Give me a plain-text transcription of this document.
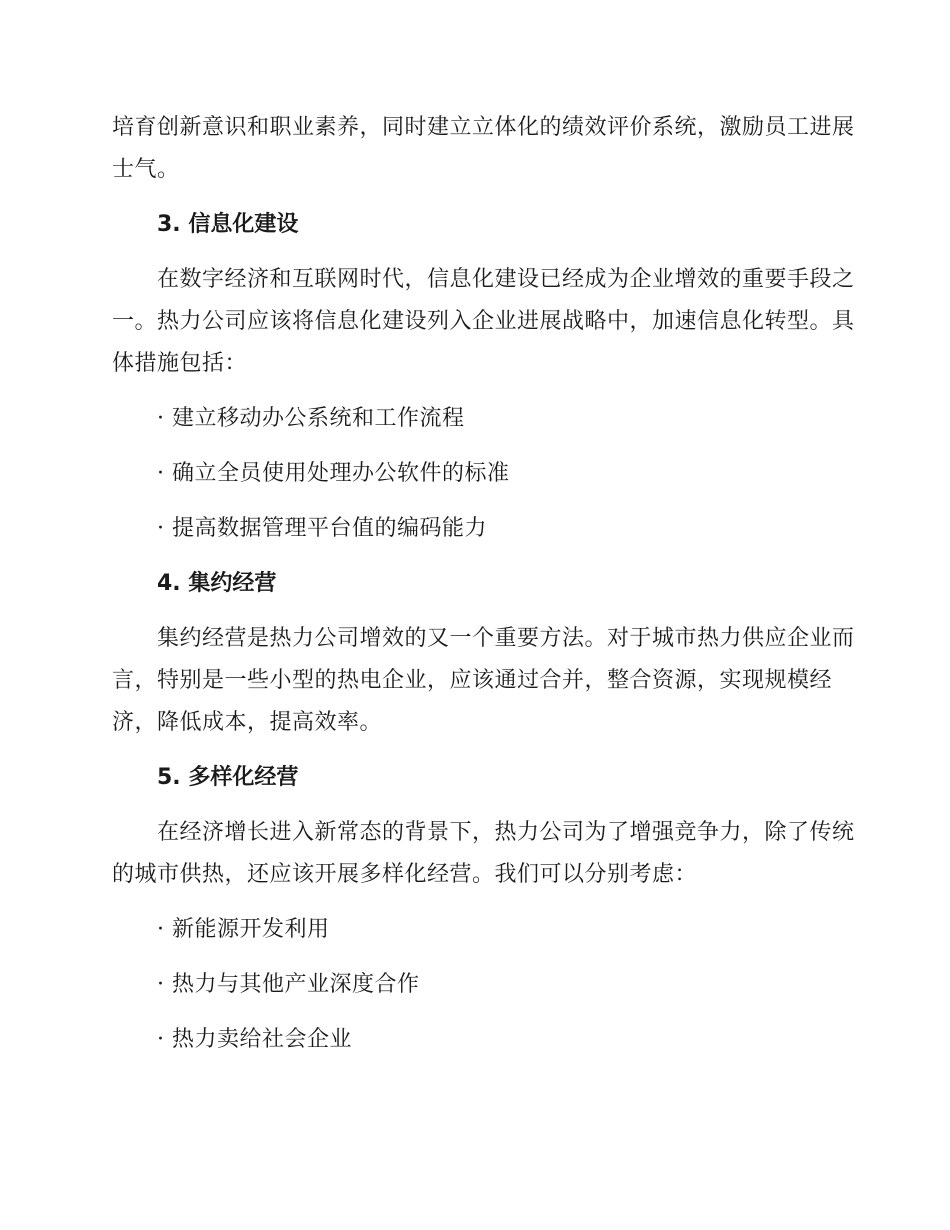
培育创新意识和职业素养，同时建立立体化的绩效评价系统，激励员工进展
士气。
3. 信息化建设
在数字经济和互联网时代，信息化建设已经成为企业增效的重要手段之
一。热力公司应该将信息化建设列入企业进展战略中，加速信息化转型。具
体措施包括：
· 建立移动办公系统和工作流程
· 确立全员使用处理办公软件的标准
· 提高数据管理平台值的编码能力
4. 集约经营
集约经营是热力公司增效的又一个重要方法。对于城市热力供应企业而
言，特别是一些小型的热电企业，应该通过合并，整合资源，实现规模经
济，降低成本，提高效率。
5. 多样化经营
在经济增长进入新常态的背景下，热力公司为了增强竞争力，除了传统
的城市供热，还应该开展多样化经营。我们可以分别考虑：
· 新能源开发利用
· 热力与其他产业深度合作
· 热力卖给社会企业
